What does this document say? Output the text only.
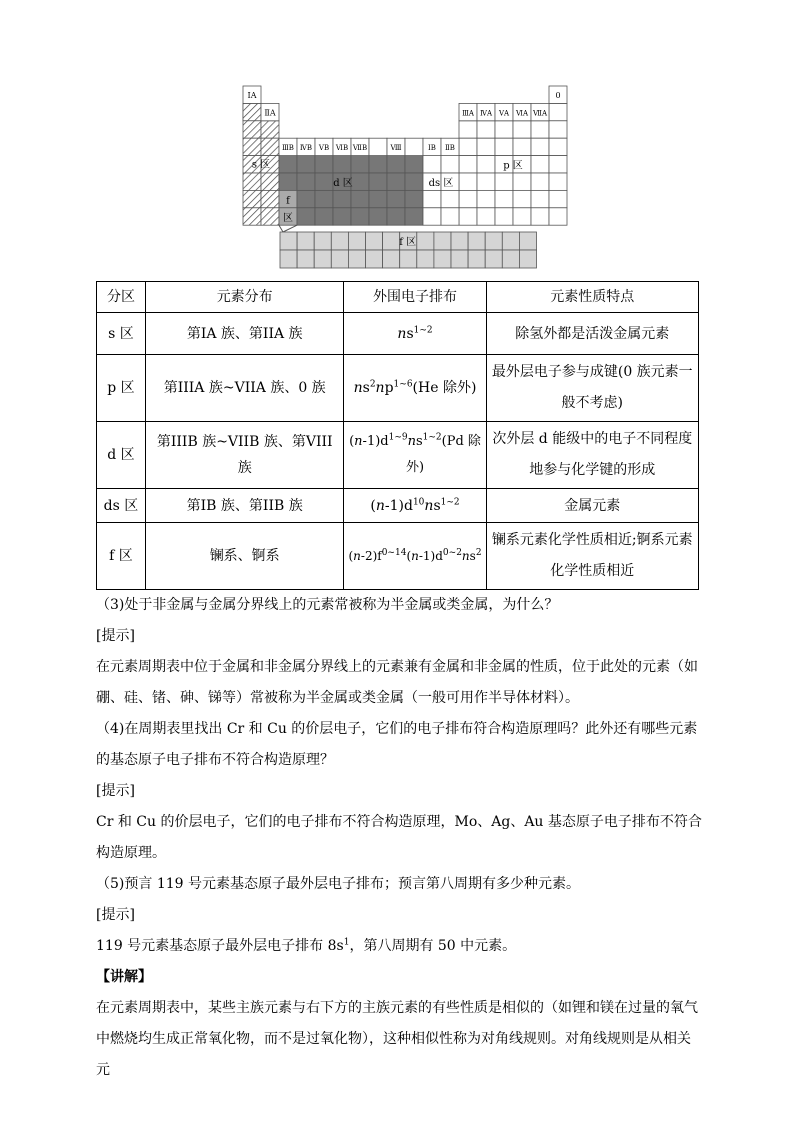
ⅠA
ⅡA
0
ⅢA ⅣA ⅤA ⅥA ⅦA
ⅢB ⅣB ⅤB ⅥB ⅦB	Ⅷ	ⅠB ⅡB
s 区
d 区	ds 区
p 区
f
区
f 区
分区	元素分布	外围电子排布	元素性质特点
s 区	第IA 族、第IIA 族	$ns^{1\sim 2}$	除氢外都是活泼金属元素
p 区	第IIIA 族~VIIA 族、0 族	$ns^2np^{1\sim 6}(He$ 除外)	最外层电子参与成键(0 族元素一般不考虑)
d 区	第IIIB 族~VIIB 族、第VIII族	$(n-1)d^{1\sim 9}ns^{1\sim 2}(Pd$ 除外)	次外层 d 能级中的电子不同程度地参与化学键的形成
ds 区	第IB 族、第IIB 族	$(n-1)d^{10}ns^{1\sim 2}$	金属元素
f 区	镧系、锕系	$(n-2)f^{0\sim 14}(n-1)d^{0\sim 2}ns^2$	镧系元素化学性质相近;锕系元素化学性质相近
（3)处于非金属与金属分界线上的元素常被称为半金属或类金属，为什么？
[提示]
在元素周期表中位于金属和非金属分界线上的元素兼有金属和非金属的性质，位于此处的元素（如硼、硅、锗、砷、锑等）常被称为半金属或类金属（一般可用作半导体材料）。
（4)在周期表里找出 Cr 和 Cu 的价层电子，它们的电子排布符合构造原理吗？此外还有哪些元素的基态原子电子排布不符合构造原理？
[提示]
Cr 和 Cu 的价层电子，它们的电子排布不符合构造原理，Mo、Ag、Au 基态原子电子排布不符合构造原理。
（5)预言 119 号元素基态原子最外层电子排布；预言第八周期有多少种元素。
[提示]
119 号元素基态原子最外层电子排布 $8s^1$，第八周期有 50 中元素。
【讲解】
在元素周期表中，某些主族元素与右下方的主族元素的有些性质是相似的（如锂和镁在过量的氧气中燃烧均生成正常氧化物，而不是过氧化物），这种相似性称为对角线规则。对角线规则是从相关元
